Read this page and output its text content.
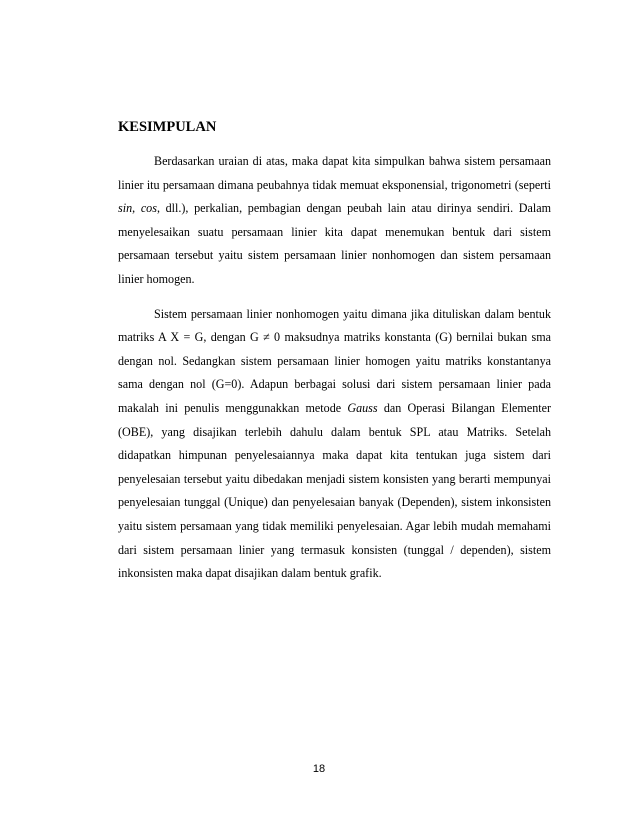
KESIMPULAN

Berdasarkan uraian di atas, maka dapat kita simpulkan bahwa sistem persamaan linier itu persamaan dimana peubahnya tidak memuat eksponensial, trigonometri (seperti sin, cos, dll.), perkalian, pembagian dengan peubah lain atau dirinya sendiri. Dalam menyelesaikan suatu persamaan linier kita dapat menemukan bentuk dari sistem persamaan tersebut yaitu sistem persamaan linier nonhomogen dan sistem persamaan linier homogen.

Sistem persamaan linier nonhomogen yaitu dimana jika dituliskan dalam bentuk matriks A X = G, dengan G ≠ 0 maksudnya matriks konstanta (G) bernilai bukan sma dengan nol. Sedangkan sistem persamaan linier homogen yaitu matriks konstantanya sama dengan nol (G=0). Adapun berbagai solusi dari sistem persamaan linier pada makalah ini penulis menggunakkan metode Gauss dan Operasi Bilangan Elementer (OBE), yang disajikan terlebih dahulu dalam bentuk SPL atau Matriks. Setelah didapatkan himpunan penyelesaiannya maka dapat kita tentukan juga sistem dari penyelesaian tersebut yaitu dibedakan menjadi sistem konsisten yang berarti mempunyai penyelesaian tunggal (Unique) dan penyelesaian banyak (Dependen), sistem inkonsisten yaitu sistem persamaan yang tidak memiliki penyelesaian. Agar lebih mudah memahami dari sistem persamaan linier yang termasuk konsisten (tunggal / dependen), sistem inkonsisten maka dapat disajikan dalam bentuk grafik.

18
